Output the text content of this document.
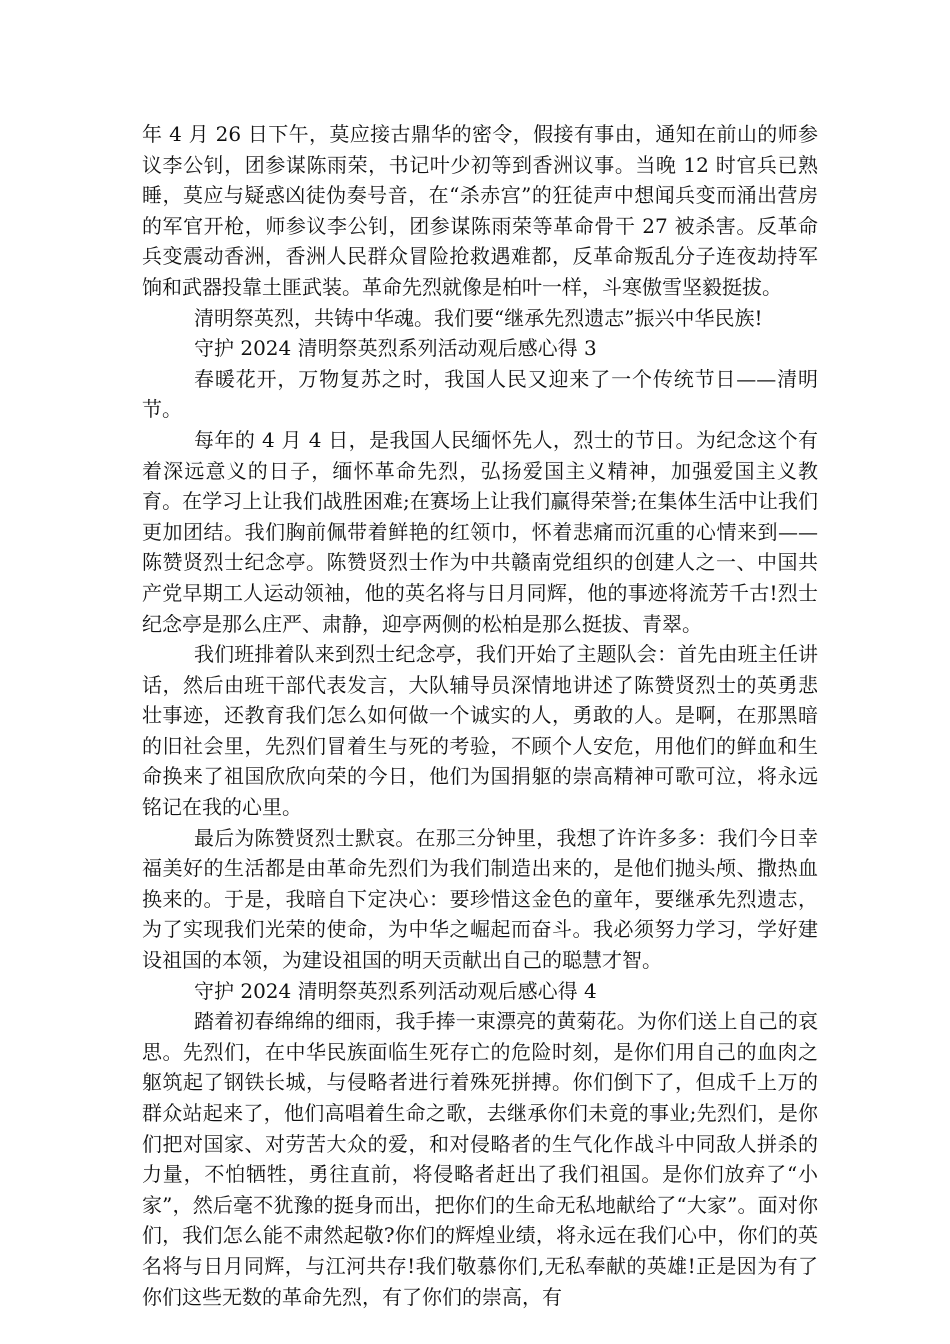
年 4 月 26 日下午，莫应接古鼎华的密令，假接有事由，通知在前山的师参议李公钊，团参谋陈雨荣，书记叶少初等到香洲议事。当晚 12 时官兵已熟睡，莫应与疑惑凶徒伪奏号音，在“杀赤宫”的狂徒声中想闻兵变而涌出营房的军官开枪，师参议李公钊，团参谋陈雨荣等革命骨干 27 被杀害。反革命兵变震动香洲，香洲人民群众冒险抢救遇难都，反革命叛乱分子连夜劫持军饷和武器投靠土匪武装。革命先烈就像是柏叶一样，斗寒傲雪坚毅挺拔。

清明祭英烈，共铸中华魂。我们要“继承先烈遗志”振兴中华民族!

守护 2024 清明祭英烈系列活动观后感心得 3

春暖花开，万物复苏之时，我国人民又迎来了一个传统节日——清明节。

每年的 4 月 4 日，是我国人民缅怀先人，烈士的节日。为纪念这个有着深远意义的日子，缅怀革命先烈，弘扬爱国主义精神，加强爱国主义教育。在学习上让我们战胜困难;在赛场上让我们赢得荣誉;在集体生活中让我们更加团结。我们胸前佩带着鲜艳的红领巾，怀着悲痛而沉重的心情来到——陈赞贤烈士纪念亭。陈赞贤烈士作为中共赣南党组织的创建人之一、中国共产党早期工人运动领袖，他的英名将与日月同辉，他的事迹将流芳千古!烈士纪念亭是那么庄严、肃静，迎亭两侧的松柏是那么挺拔、青翠。

我们班排着队来到烈士纪念亭，我们开始了主题队会：首先由班主任讲话，然后由班干部代表发言，大队辅导员深情地讲述了陈赞贤烈士的英勇悲壮事迹，还教育我们怎么如何做一个诚实的人，勇敢的人。是啊，在那黑暗的旧社会里，先烈们冒着生与死的考验，不顾个人安危，用他们的鲜血和生命换来了祖国欣欣向荣的今日，他们为国捐躯的崇高精神可歌可泣，将永远铭记在我的心里。

最后为陈赞贤烈士默哀。在那三分钟里，我想了许许多多：我们今日幸福美好的生活都是由革命先烈们为我们制造出来的，是他们抛头颅、撒热血换来的。于是，我暗自下定决心：要珍惜这金色的童年，要继承先烈遗志，为了实现我们光荣的使命，为中华之崛起而奋斗。我必须努力学习，学好建设祖国的本领，为建设祖国的明天贡献出自己的聪慧才智。

守护 2024 清明祭英烈系列活动观后感心得 4

踏着初春绵绵的细雨，我手捧一束漂亮的黄菊花。为你们送上自己的哀思。先烈们，在中华民族面临生死存亡的危险时刻，是你们用自己的血肉之躯筑起了钢铁长城，与侵略者进行着殊死拼搏。你们倒下了，但成千上万的群众站起来了，他们高唱着生命之歌，去继承你们未竟的事业;先烈们，是你们把对国家、对劳苦大众的爱，和对侵略者的生气化作战斗中同敌人拼杀的力量，不怕牺牲，勇往直前，将侵略者赶出了我们祖国。是你们放弃了“小家”，然后毫不犹豫的挺身而出，把你们的生命无私地献给了“大家”。面对你们，我们怎么能不肃然起敬?你们的辉煌业绩，将永远在我们心中，你们的英名将与日月同辉，与江河共存!我们敬慕你们,无私奉献的英雄!正是因为有了你们这些无数的革命先烈，有了你们的崇高，有
